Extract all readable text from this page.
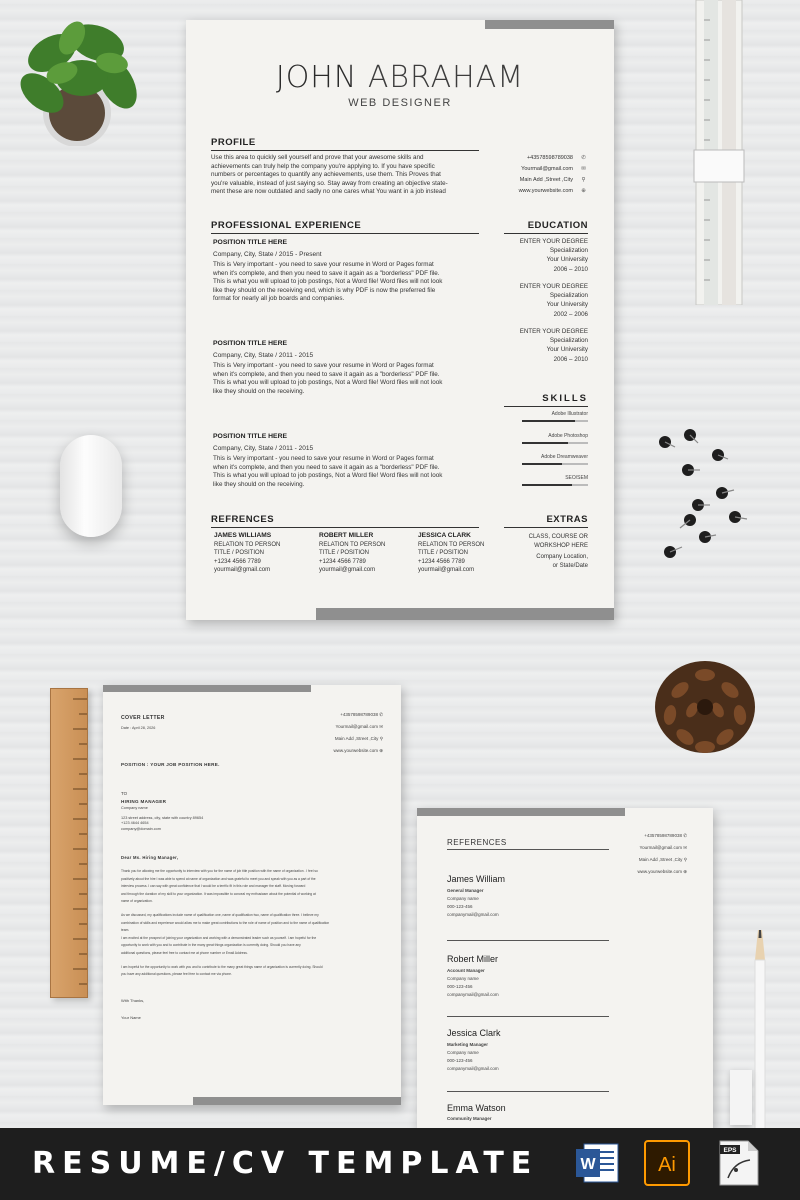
JOHN ABRAHAM
WEB DESIGNER
PROFILE
Use this area to quickly sell yourself and prove that your awesome skills and
achievements can truly help the company you're applying to. If you have specific
numbers or percentages to quantify any achievements, use them. This Proves that
you're valuable, instead of just saying so. Stay away from creating an objective state-
ment these are now outdated and sadly no one cares what You want in a job instead
+43578598789038 ✆
Yourmail@gmail.com ✉
Main Add ,Street ,City ⚲
www.yourwebsite.com ⊕
PROFESSIONAL EXPERIENCE
POSITION TITLE HERE
Company, City, State / 2015 - Present
This is Very important - you need to save your resume in Word or Pages format
when it's complete, and then you need to save it again as a "borderless" PDF file.
This is what you will upload to job postings, Not a Word file! Word files will not look
like they should on the receiving end, which is why PDF is now the preferred file
format for nearly all job boards and companies.
POSITION TITLE HERE
Company, City, State / 2011 - 2015
This is Very important - you need to save your resume in Word or Pages format
when it's complete, and then you need to save it again as a "borderless" PDF file.
This is what you will upload to job postings, Not a Word file! Word files will not look
like they should on the receiving.
POSITION TITLE HERE
Company, City, State / 2011 - 2015
This is Very important - you need to save your resume in Word or Pages format
when it's complete, and then you need to save it again as a "borderless" PDF file.
This is what you will upload to job postings, Not a Word file! Word files will not look
like they should on the receiving.
EDUCATION
ENTER YOUR DEGREE
Specialization
Your University
2006 – 2010
ENTER YOUR DEGREE
Specialization
Your University
2002 – 2006
ENTER YOUR DEGREE
Specialization
Your University
2006 – 2010
SKILLS
Adobe Illustrator
Adobe Photoshop
Adobe Dreamweaver
SEO/SEM
REFRENCES
JAMES WILLIAMS
RELATION TO PERSON
TITLE / POSITION
+1234 4566 7789
yourmail@gmail.com
ROBERT MILLER
RELATION TO PERSON
TITLE / POSITION
+1234 4566 7789
yourmail@gmail.com
JESSICA CLARK
RELATION TO PERSON
TITLE / POSITION
+1234 4566 7789
yourmail@gmail.com
EXTRAS
CLASS, COURSE OR
WORKSHOP HERE
Company Location,
or State/Date
COVER LETTER
Date : April 28, 2026
+43578598789038 ✆
Yourmail@gmail.com ✉
Main Add ,Street ,City ⚲
www.yourwebsite.com ⊕
POSITION : YOUR JOB POSITION HERE.
TO
HIRING MANAGER
Company name
123 street address, city, state with country 89654
+123 4644 4654
company@domain.com
Dear Ms. Hiring Manager,
Thank you for allowing me the opportunity to interview with you for the name of job title position with the name of organization . I feel so
positively about the hire I was able to spend at name of organization and was grateful to meet you and speak with you as a part of the
interview process. I can say with great confidence that I would be a terrific fit in this role and manager the staff. Moving forward
and through the duration of my skill to your organization. It was impossible to conceal my enthusiasm about the potential of working at
name of organization.
As we discussed, my qualifications include name of qualification one, name of qualification two, name of qualification three. I believe my
combination of skills and experience would allow me to make great contributions to the role of name of position and to the name of qualification
team.
I am excited at the prospect of joining your organization and working with a demonstrated leader such as yourself. I am hopeful for the
opportunity to work with you and to contribute in the many great things organization is currently doing. Should you have any
additional questions, please feel free to contact me at phone number or Email Address.
I am hopeful for the opportunity to work with you and to contribute to the many great things name of organization is currently doing. Should
you have any additional questions, please feel free to contact me via phone.
With Thanks,
Your Name
REFERENCES
+43578598789038 ✆
Yourmail@gmail.com ✉
Main Add ,Street ,City ⚲
www.yourwebsite.com ⊕
James William
General Manager
Company name
000-123-456
companymail@gmail.com
Robert Miller
Account Manager
Company name
000-123-456
companymail@gmail.com
Jessica Clark
Marketing Manager
Company name
000-123-456
companymail@gmail.com
Emma Watson
Community Manager
RESUME/CV TEMPLATE	W	Ai
EPS
